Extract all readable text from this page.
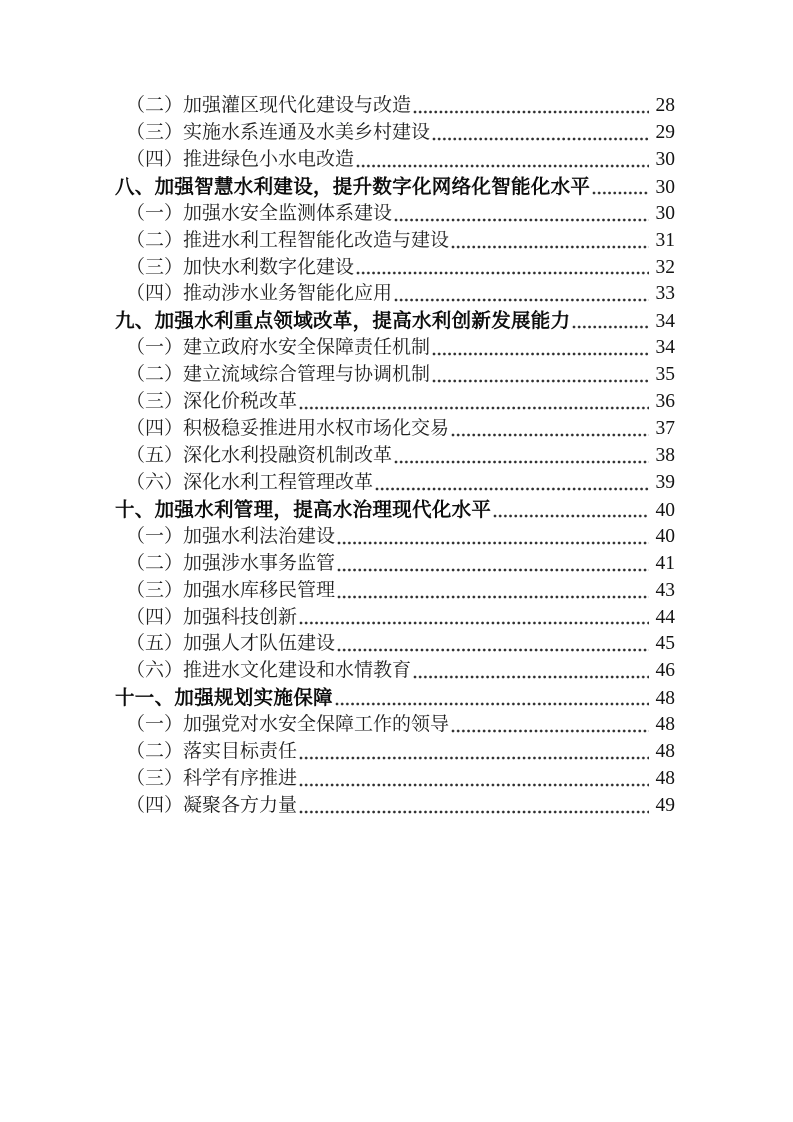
（二）加强灌区现代化建设与改造	28
（三）实施水系连通及水美乡村建设	29
（四）推进绿色小水电改造	30
八、加强智慧水利建设，提升数字化网络化智能化水平	30
（一）加强水安全监测体系建设	30
（二）推进水利工程智能化改造与建设	31
（三）加快水利数字化建设	32
（四）推动涉水业务智能化应用	33
九、加强水利重点领域改革，提高水利创新发展能力	34
（一）建立政府水安全保障责任机制	34
（二）建立流域综合管理与协调机制	35
（三）深化价税改革	36
（四）积极稳妥推进用水权市场化交易	37
（五）深化水利投融资机制改革	38
（六）深化水利工程管理改革	39
十、加强水利管理，提高水治理现代化水平	40
（一）加强水利法治建设	40
（二）加强涉水事务监管	41
（三）加强水库移民管理	43
（四）加强科技创新	44
（五）加强人才队伍建设	45
（六）推进水文化建设和水情教育	46
十一、加强规划实施保障	48
（一）加强党对水安全保障工作的领导	48
（二）落实目标责任	48
（三）科学有序推进	48
（四）凝聚各方力量	49
